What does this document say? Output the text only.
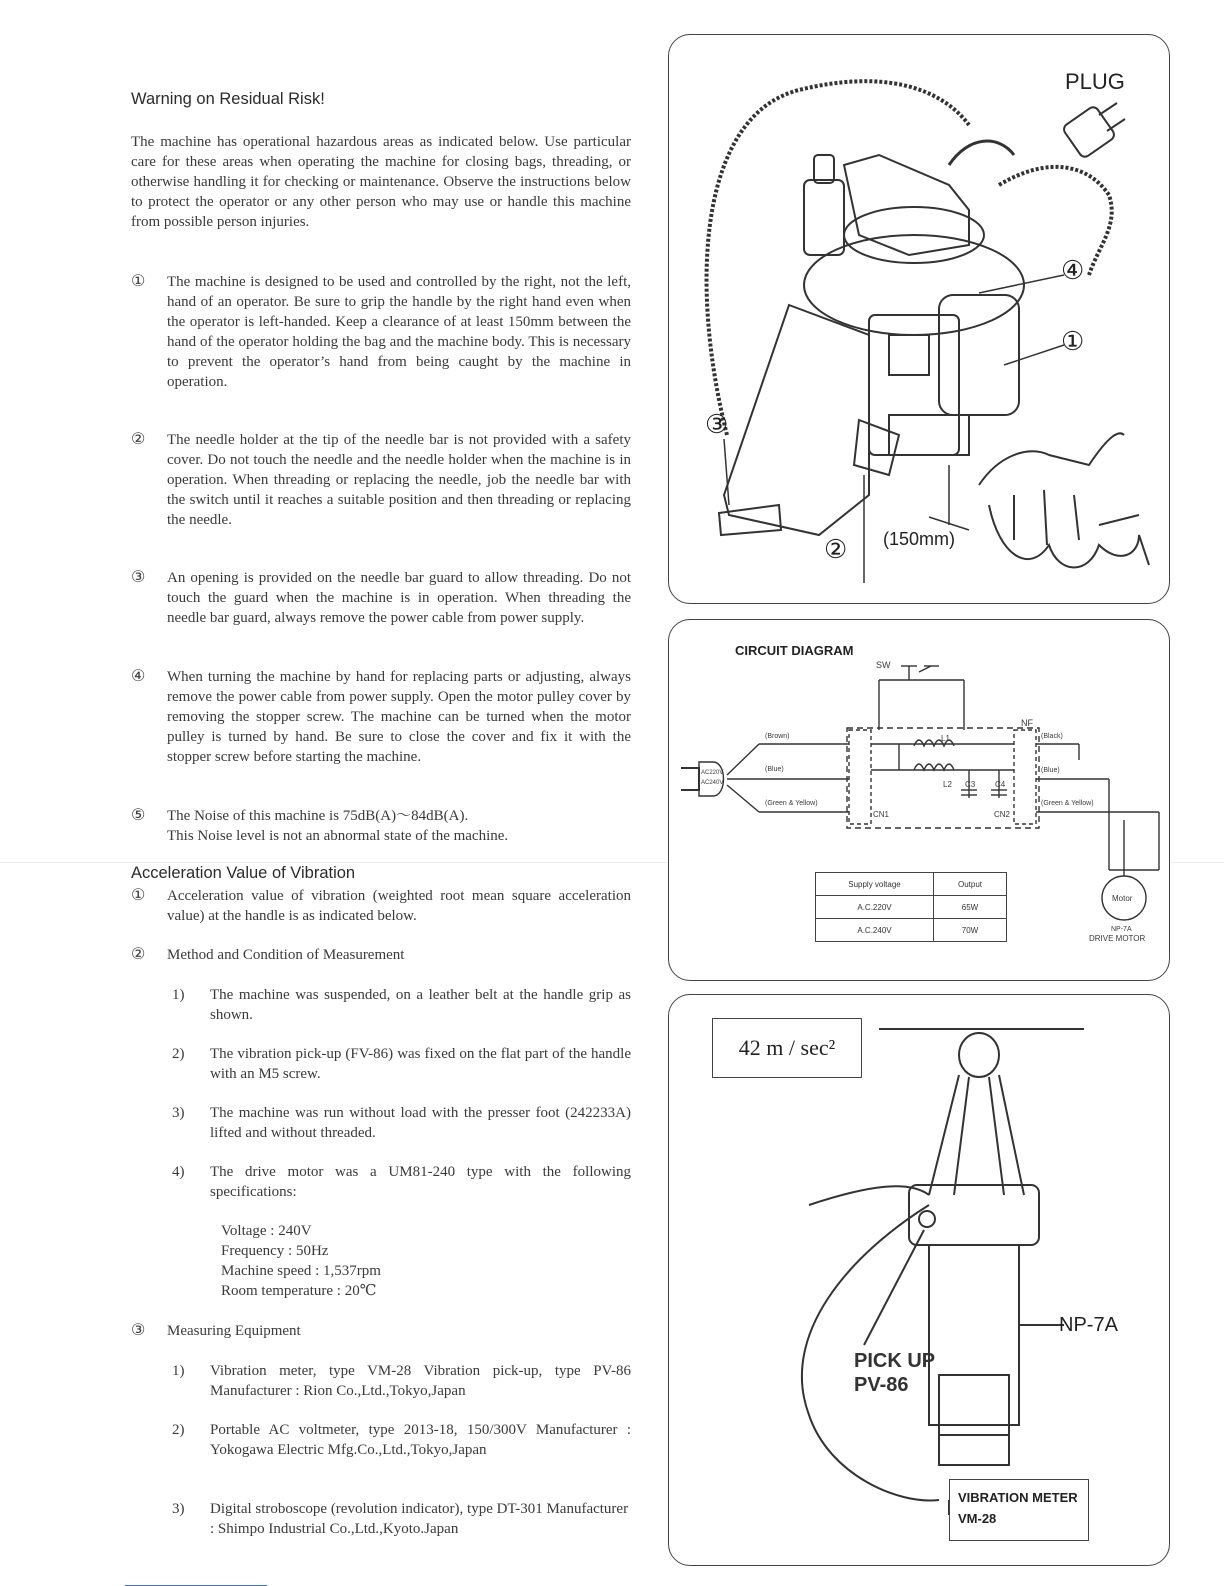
Warning on Residual Risk!
The machine has operational hazardous areas as indicated below. Use particular care for these areas when operating the machine for closing bags, threading, or otherwise handling it for checking or maintenance. Observe the instructions below to protect the operator or any other person who may use or handle this machine from possible person injuries.
① The machine is designed to be used and controlled by the right, not the left, hand of an operator. Be sure to grip the handle by the right hand even when the operator is left-handed. Keep a clearance of at least 150mm between the hand of the operator holding the bag and the machine body. This is necessary to prevent the operator’s hand from being caught by the machine in operation.
② The needle holder at the tip of the needle bar is not provided with a safety cover. Do not touch the needle and the needle holder when the machine is in operation. When threading or replacing the needle, job the needle bar with the switch until it reaches a suitable position and then threading or replacing the needle.
③ An opening is provided on the needle bar guard to allow threading. Do not touch the guard when the machine is in operation. When threading the needle bar guard, always remove the power cable from power supply.
④ When turning the machine by hand for replacing parts or adjusting, always remove the power cable from power supply. Open the motor pulley cover by removing the stopper screw. The machine can be turned when the motor pulley is turned by hand. Be sure to close the cover and fix it with the stopper screw before starting the machine.
⑤ The Noise of this machine is 75dB(A)～84dB(A).
This Noise level is not an abnormal state of the machine.
Acceleration Value of Vibration
① Acceleration value of vibration (weighted root mean square acceleration value) at the handle is as indicated below.
② Method and Condition of Measurement
1) The machine was suspended, on a leather belt at the handle grip as shown.
2) The vibration pick-up (FV-86) was fixed on the flat part of the handle with an M5 screw.
3) The machine was run without load with the presser foot (242233A) lifted and without threaded.
4) The drive motor was a UM81-240 type with the following specifications:
Voltage : 240V
Frequency : 50Hz
Machine speed : 1,537rpm
Room temperature : 20℃
③ Measuring Equipment
1) Vibration meter, type VM-28 Vibration pick-up, type PV-86 Manufacturer : Rion Co.,Ltd.,Tokyo,Japan
2) Portable AC voltmeter, type 2013-18, 150/300V Manufacturer : Yokogawa Electric Mfg.Co.,Ltd.,Tokyo,Japan
3) Digital stroboscope (revolution indicator), type DT-301 Manufacturer : Shimpo Industrial Co.,Ltd.,Kyoto.Japan
PLUG
④
①
③
② (150mm)
CIRCUIT DIAGRAM
SW
NF
(Brown)
(Blue)
(Green & Yellow)
(Black)
(Blue)
(Green & Yellow)
AC220V
AC240V
L1
L2 C3 C4
CN1	CN2
Motor
NP-7A
DRIVE MOTOR
Supply voltage	Output
A.C.220V	65W
A.C.240V	70W
42 m / sec²
NP-7A
PICK UP
PV-86
VIBRATION METER
VM-28
